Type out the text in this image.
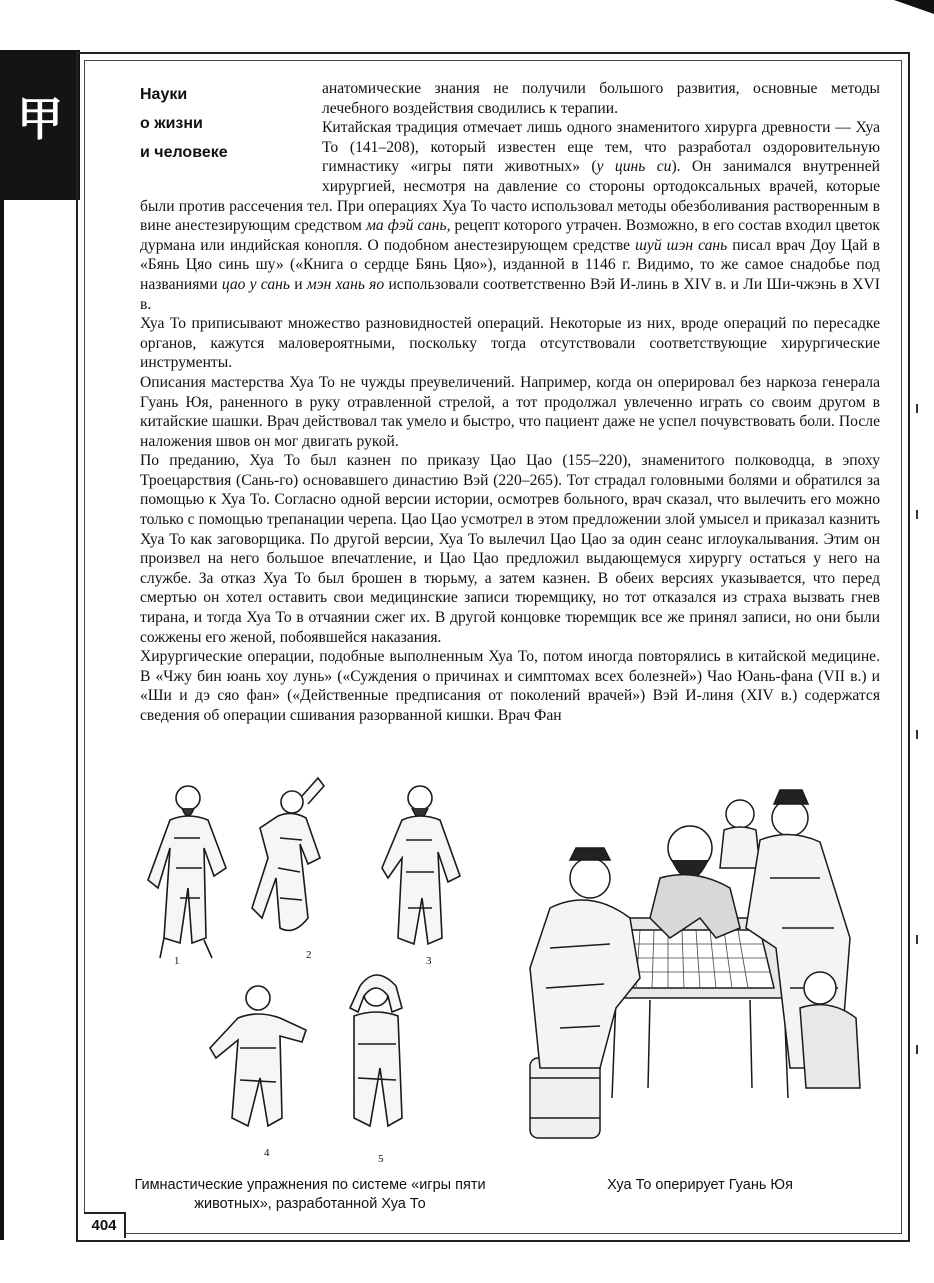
甲	Науки
о жизни
и человеке

анатомические знания не получили большого развития, основные методы лечебного воздействия сводились к терапии.

Китайская традиция отмечает лишь одного знаменитого хирурга древности — Хуа То (141–208), который известен еще тем, что разработал оздоровительную гимнастику «игры пяти животных» (у цинь си). Он занимался внутренней хирургией, несмотря на давление со стороны ортодоксальных врачей, которые были против рассечения тел. При операциях Хуа То часто использовал методы обезболивания растворенным в вине анестезирующим средством ма фэй сань, рецепт которого утрачен. Возможно, в его состав входил цветок дурмана или индийская конопля. О подобном анестезирующем средстве шуй шэн сань писал врач Доу Цай в «Бянь Цяо синь шу» («Книга о сердце Бянь Цяо»), изданной в 1146 г. Видимо, то же самое снадобье под названиями цао у сань и мэн хань яо использовали соответственно Вэй И-линь в XIV в. и Ли Ши-чжэнь в XVI в.

Хуа То приписывают множество разновидностей операций. Некоторые из них, вроде операций по пересадке органов, кажутся маловероятными, поскольку тогда отсутствовали соответствующие хирургические инструменты.

Описания мастерства Хуа То не чужды преувеличений. Например, когда он оперировал без наркоза генерала Гуань Юя, раненного в руку отравленной стрелой, а тот продолжал увлеченно играть со своим другом в китайские шашки. Врач действовал так умело и быстро, что пациент даже не успел почувствовать боли. После наложения швов он мог двигать рукой.

По преданию, Хуа То был казнен по приказу Цао Цао (155–220), знаменитого полководца, в эпоху Троецарствия (Сань-го) основавшего династию Вэй (220–265). Тот страдал головными болями и обратился за помощью к Хуа То. Согласно одной версии истории, осмотрев больного, врач сказал, что вылечить его можно только с помощью трепанации черепа. Цао Цао усмотрел в этом предложении злой умысел и приказал казнить Хуа То как заговорщика. По другой версии, Хуа То вылечил Цао Цао за один сеанс иглоукалывания. Этим он произвел на него большое впечатление, и Цао Цао предложил выдающемуся хирургу остаться у него на службе. За отказ Хуа То был брошен в тюрьму, а затем казнен. В обеих версиях указывается, что перед смертью он хотел оставить свои медицинские записи тюремщику, но тот отказался из страха вызвать гнев тирана, и тогда Хуа То в отчаянии сжег их. В другой концовке тюремщик все же принял записи, но они были сожжены его женой, побоявшейся наказания.

Хирургические операции, подобные выполненным Хуа То, потом иногда повторялись в китайской медицине. В «Чжу бин юань хоу лунь» («Суждения о причинах и симптомах всех болезней») Чао Юань-фана (VII в.) и «Ши и дэ сяо фан» («Действенные предписания от поколений врачей») Вэй И-линя (XIV в.) содержатся сведения об операции сшивания разорванной кишки. Врач Фан

1	2	3
4	5
Гимнастические упражнения по системе «игры пяти животных», разработанной Хуа То
Хуа То оперирует Гуань Юя
404
